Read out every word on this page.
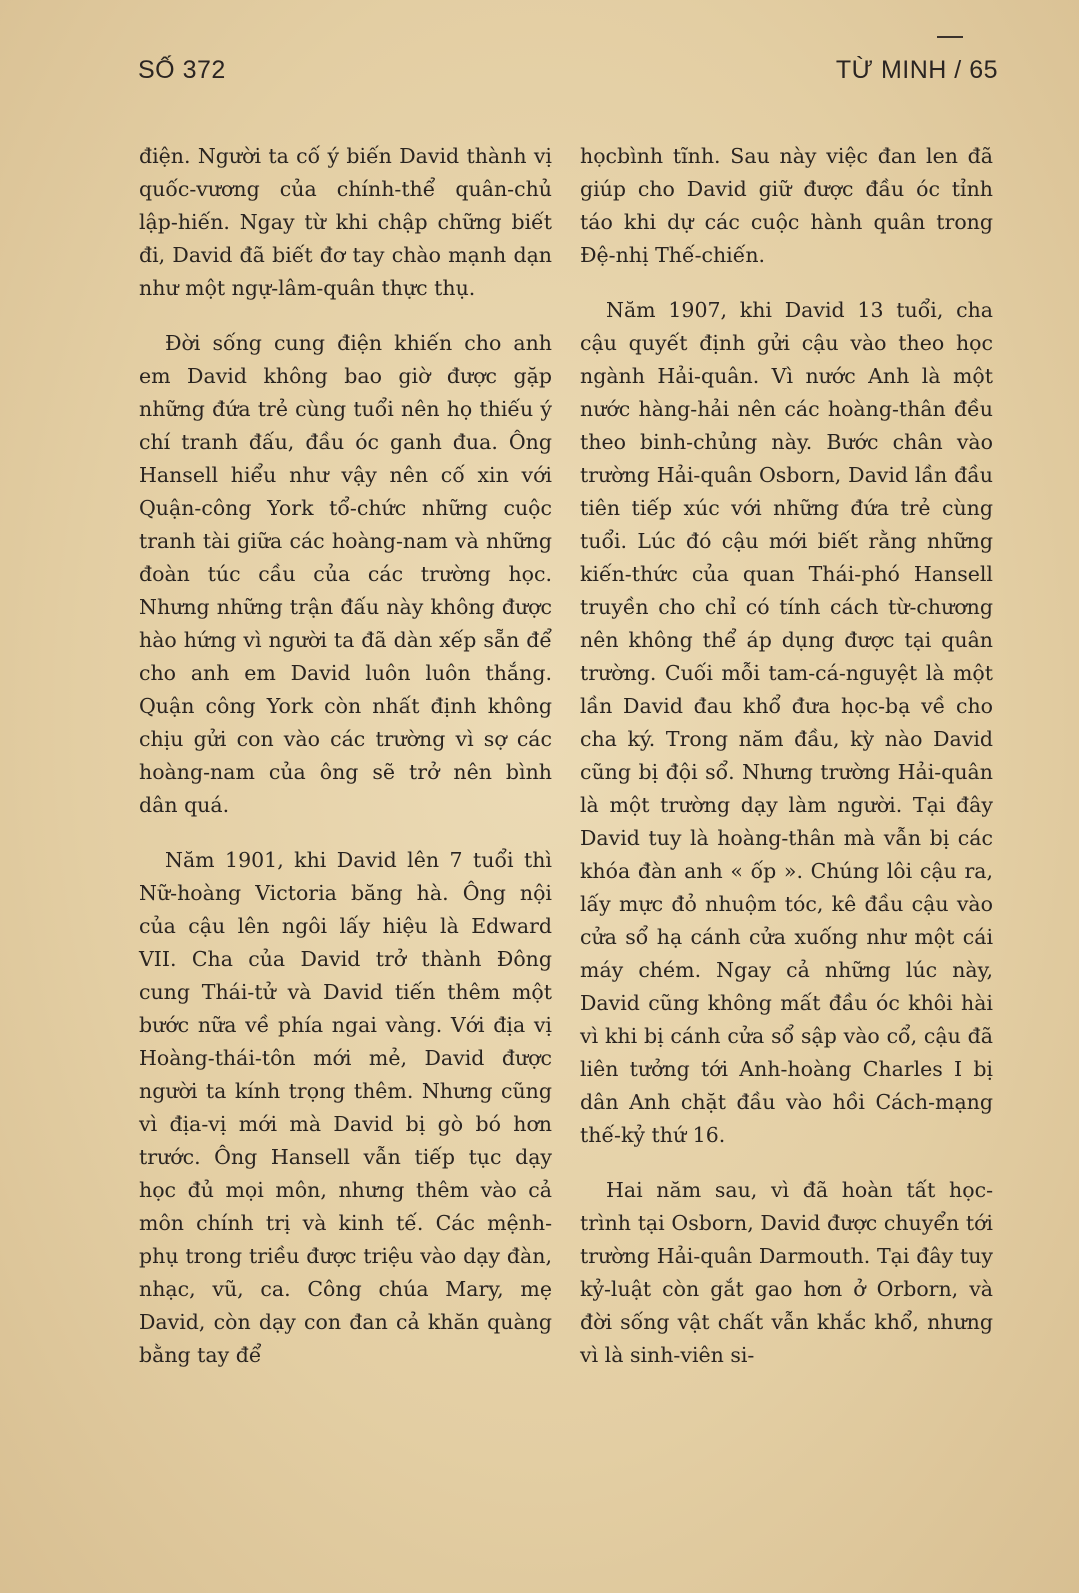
SỐ 372	TỪ MINH / 65

điện. Người ta cố ý biến David thành vị quốc-vương của chính-thể quân-chủ lập-hiến. Ngay từ khi chập chững biết đi, David đã biết đơ tay chào mạnh dạn như một ngự-lâm-quân thực thụ.

Đời sống cung điện khiến cho anh em David không bao giờ được gặp những đứa trẻ cùng tuổi nên họ thiếu ý chí tranh đấu, đầu óc ganh đua. Ông Hansell hiểu như vậy nên cố xin với Quận-công York tổ-chức những cuộc tranh tài giữa các hoàng-nam và những đoàn túc cầu của các trường học. Nhưng những trận đấu này không được hào hứng vì người ta đã dàn xếp sẵn để cho anh em David luôn luôn thắng. Quận công York còn nhất định không chịu gửi con vào các trường vì sợ các hoàng-nam của ông sẽ trở nên bình dân quá.

Năm 1901, khi David lên 7 tuổi thì Nữ-hoàng Victoria băng hà. Ông nội của cậu lên ngôi lấy hiệu là Edward VII. Cha của David trở thành Đông cung Thái-tử và David tiến thêm một bước nữa về phía ngai vàng. Với địa vị Hoàng-thái-tôn mới mẻ, David được người ta kính trọng thêm. Nhưng cũng vì địa-vị mới mà David bị gò bó hơn trước. Ông Hansell vẫn tiếp tục dạy học đủ mọi môn, nhưng thêm vào cả môn chính trị và kinh tế. Các mệnh-phụ trong triều được triệu vào dạy đàn, nhạc, vũ, ca. Công chúa Mary, mẹ David, còn dạy con đan cả khăn quàng bằng tay để

họcbình tĩnh. Sau này việc đan len đã giúp cho David giữ được đầu óc tỉnh táo khi dự các cuộc hành quân trong Đệ-nhị Thế-chiến.

Năm 1907, khi David 13 tuổi, cha cậu quyết định gửi cậu vào theo học ngành Hải-quân. Vì nước Anh là một nước hàng-hải nên các hoàng-thân đều theo binh-chủng này. Bước chân vào trường Hải-quân Osborn, David lần đầu tiên tiếp xúc với những đứa trẻ cùng tuổi. Lúc đó cậu mới biết rằng những kiến-thức của quan Thái-phó Hansell truyền cho chỉ có tính cách từ-chương nên không thể áp dụng được tại quân trường. Cuối mỗi tam-cá-nguyệt là một lần David đau khổ đưa học-bạ về cho cha ký. Trong năm đầu, kỳ nào David cũng bị đội sổ. Nhưng trường Hải-quân là một trường dạy làm người. Tại đây David tuy là hoàng-thân mà vẫn bị các khóa đàn anh « ốp ». Chúng lôi cậu ra, lấy mực đỏ nhuộm tóc, kê đầu cậu vào cửa sổ hạ cánh cửa xuống như một cái máy chém. Ngay cả những lúc này, David cũng không mất đầu óc khôi hài vì khi bị cánh cửa sổ sập vào cổ, cậu đã liên tưởng tới Anh-hoàng Charles I bị dân Anh chặt đầu vào hồi Cách-mạng thế-kỷ thứ 16.

Hai năm sau, vì đã hoàn tất học-trình tại Osborn, David được chuyển tới trường Hải-quân Darmouth. Tại đây tuy kỷ-luật còn gắt gao hơn ở Orborn, và đời sống vật chất vẫn khắc khổ, nhưng vì là sinh-viên si-
